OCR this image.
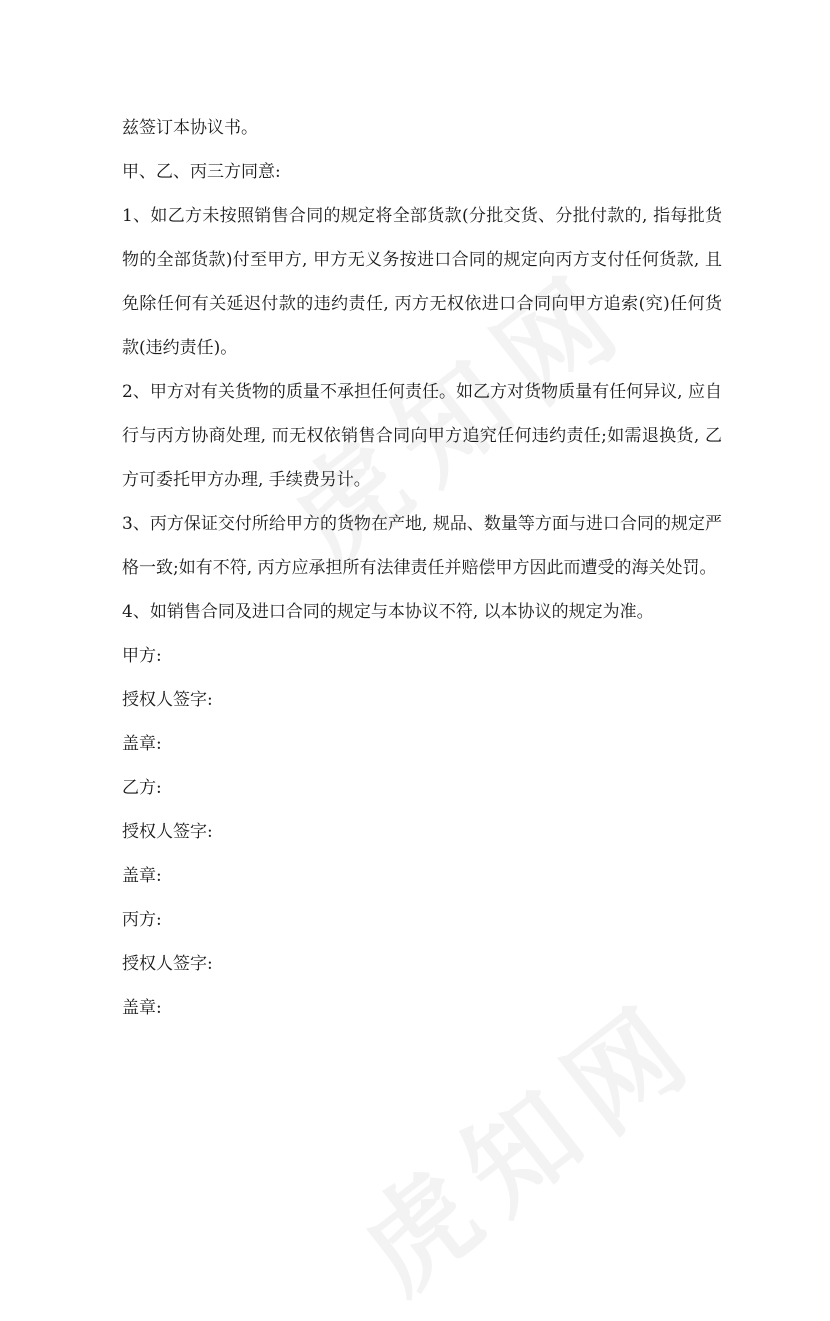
兹签订本协议书。

甲、乙、丙三方同意:

1、如乙方未按照销售合同的规定将全部货款(分批交货、分批付款的, 指每批货物的全部货款)付至甲方, 甲方无义务按进口合同的规定向丙方支付任何货款, 且免除任何有关延迟付款的违约责任, 丙方无权依进口合同向甲方追索(究)任何货款(违约责任)。

2、甲方对有关货物的质量不承担任何责任。如乙方对货物质量有任何异议, 应自行与丙方协商处理, 而无权依销售合同向甲方追究任何违约责任;如需退换货, 乙方可委托甲方办理, 手续费另计。

3、丙方保证交付所给甲方的货物在产地, 规品、数量等方面与进口合同的规定严格一致;如有不符, 丙方应承担所有法律责任并赔偿甲方因此而遭受的海关处罚。

4、如销售合同及进口合同的规定与本协议不符, 以本协议的规定为准。

甲方:

授权人签字:

盖章:

乙方:

授权人签字:

盖章:

丙方:

授权人签字:

盖章:
